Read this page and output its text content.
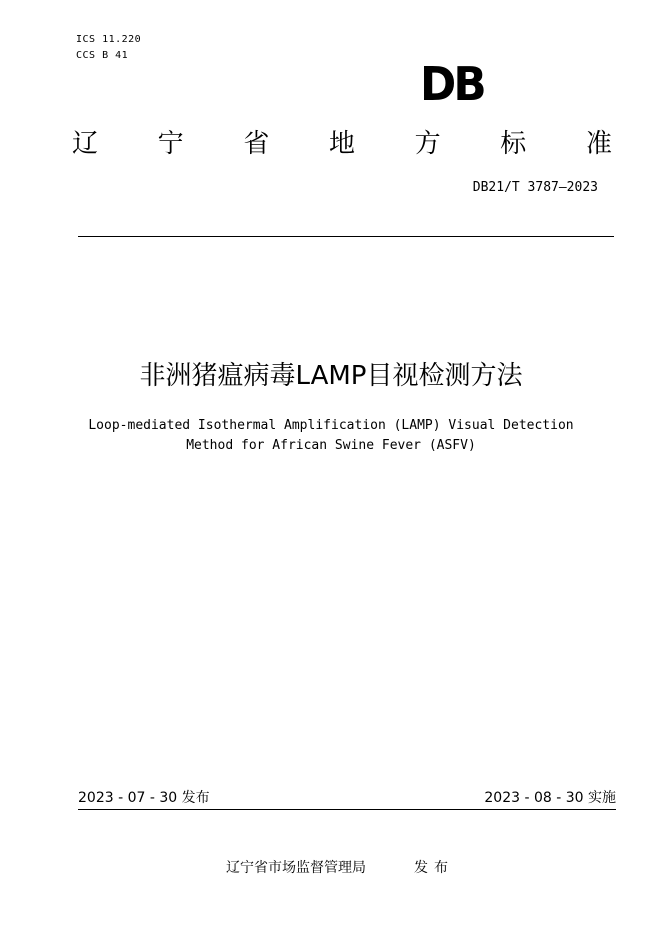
ICS 11.220
CCS B 41
DB
辽 宁 省 地 方 标 准
DB21/T 3787—2023
非洲猪瘟病毒LAMP目视检测方法
Loop-mediated Isothermal Amplification (LAMP) Visual Detection
Method for African Swine Fever (ASFV)
2023 - 07 - 30 发布	2023 - 08 - 30 实施
辽宁省市场监督管理局	发布
